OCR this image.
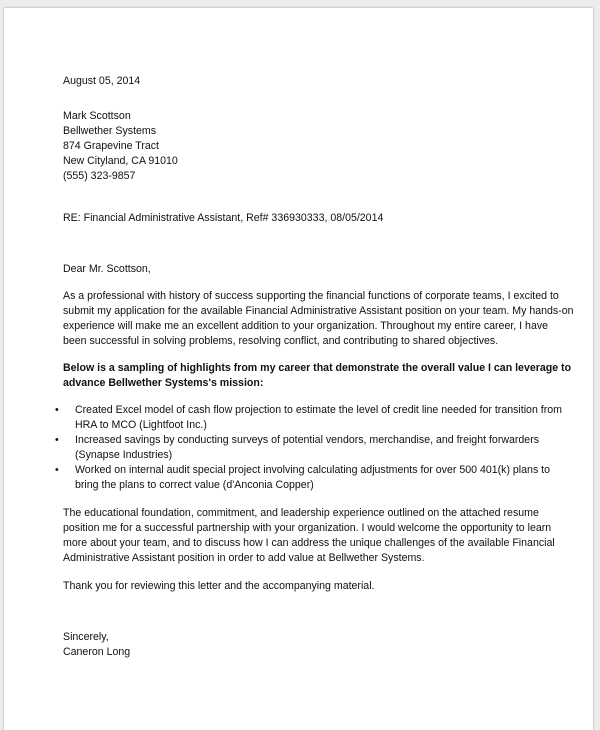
August 05, 2014
Mark Scottson
Bellwether Systems
874 Grapevine Tract
New Cityland, CA 91010
(555) 323-9857
RE: Financial Administrative Assistant, Ref# 336930333, 08/05/2014
Dear Mr. Scottson,
As a professional with history of success supporting the financial functions of corporate teams, I excited to
submit my application for the available Financial Administrative Assistant position on your team. My hands-on
experience will make me an excellent addition to your organization. Throughout my entire career, I have
been successful in solving problems, resolving conflict, and contributing to shared objectives.
Below is a sampling of highlights from my career that demonstrate the overall value I can leverage to
advance Bellwether Systems's mission:
• Created Excel model of cash flow projection to estimate the level of credit line needed for transition from
HRA to MCO (Lightfoot Inc.)
• Increased savings by conducting surveys of potential vendors, merchandise, and freight forwarders
(Synapse Industries)
• Worked on internal audit special project involving calculating adjustments for over 500 401(k) plans to
bring the plans to correct value (d'Anconia Copper)
The educational foundation, commitment, and leadership experience outlined on the attached resume
position me for a successful partnership with your organization. I would welcome the opportunity to learn
more about your team, and to discuss how I can address the unique challenges of the available Financial
Administrative Assistant position in order to add value at Bellwether Systems.
Thank you for reviewing this letter and the accompanying material.
Sincerely,
Caneron Long
